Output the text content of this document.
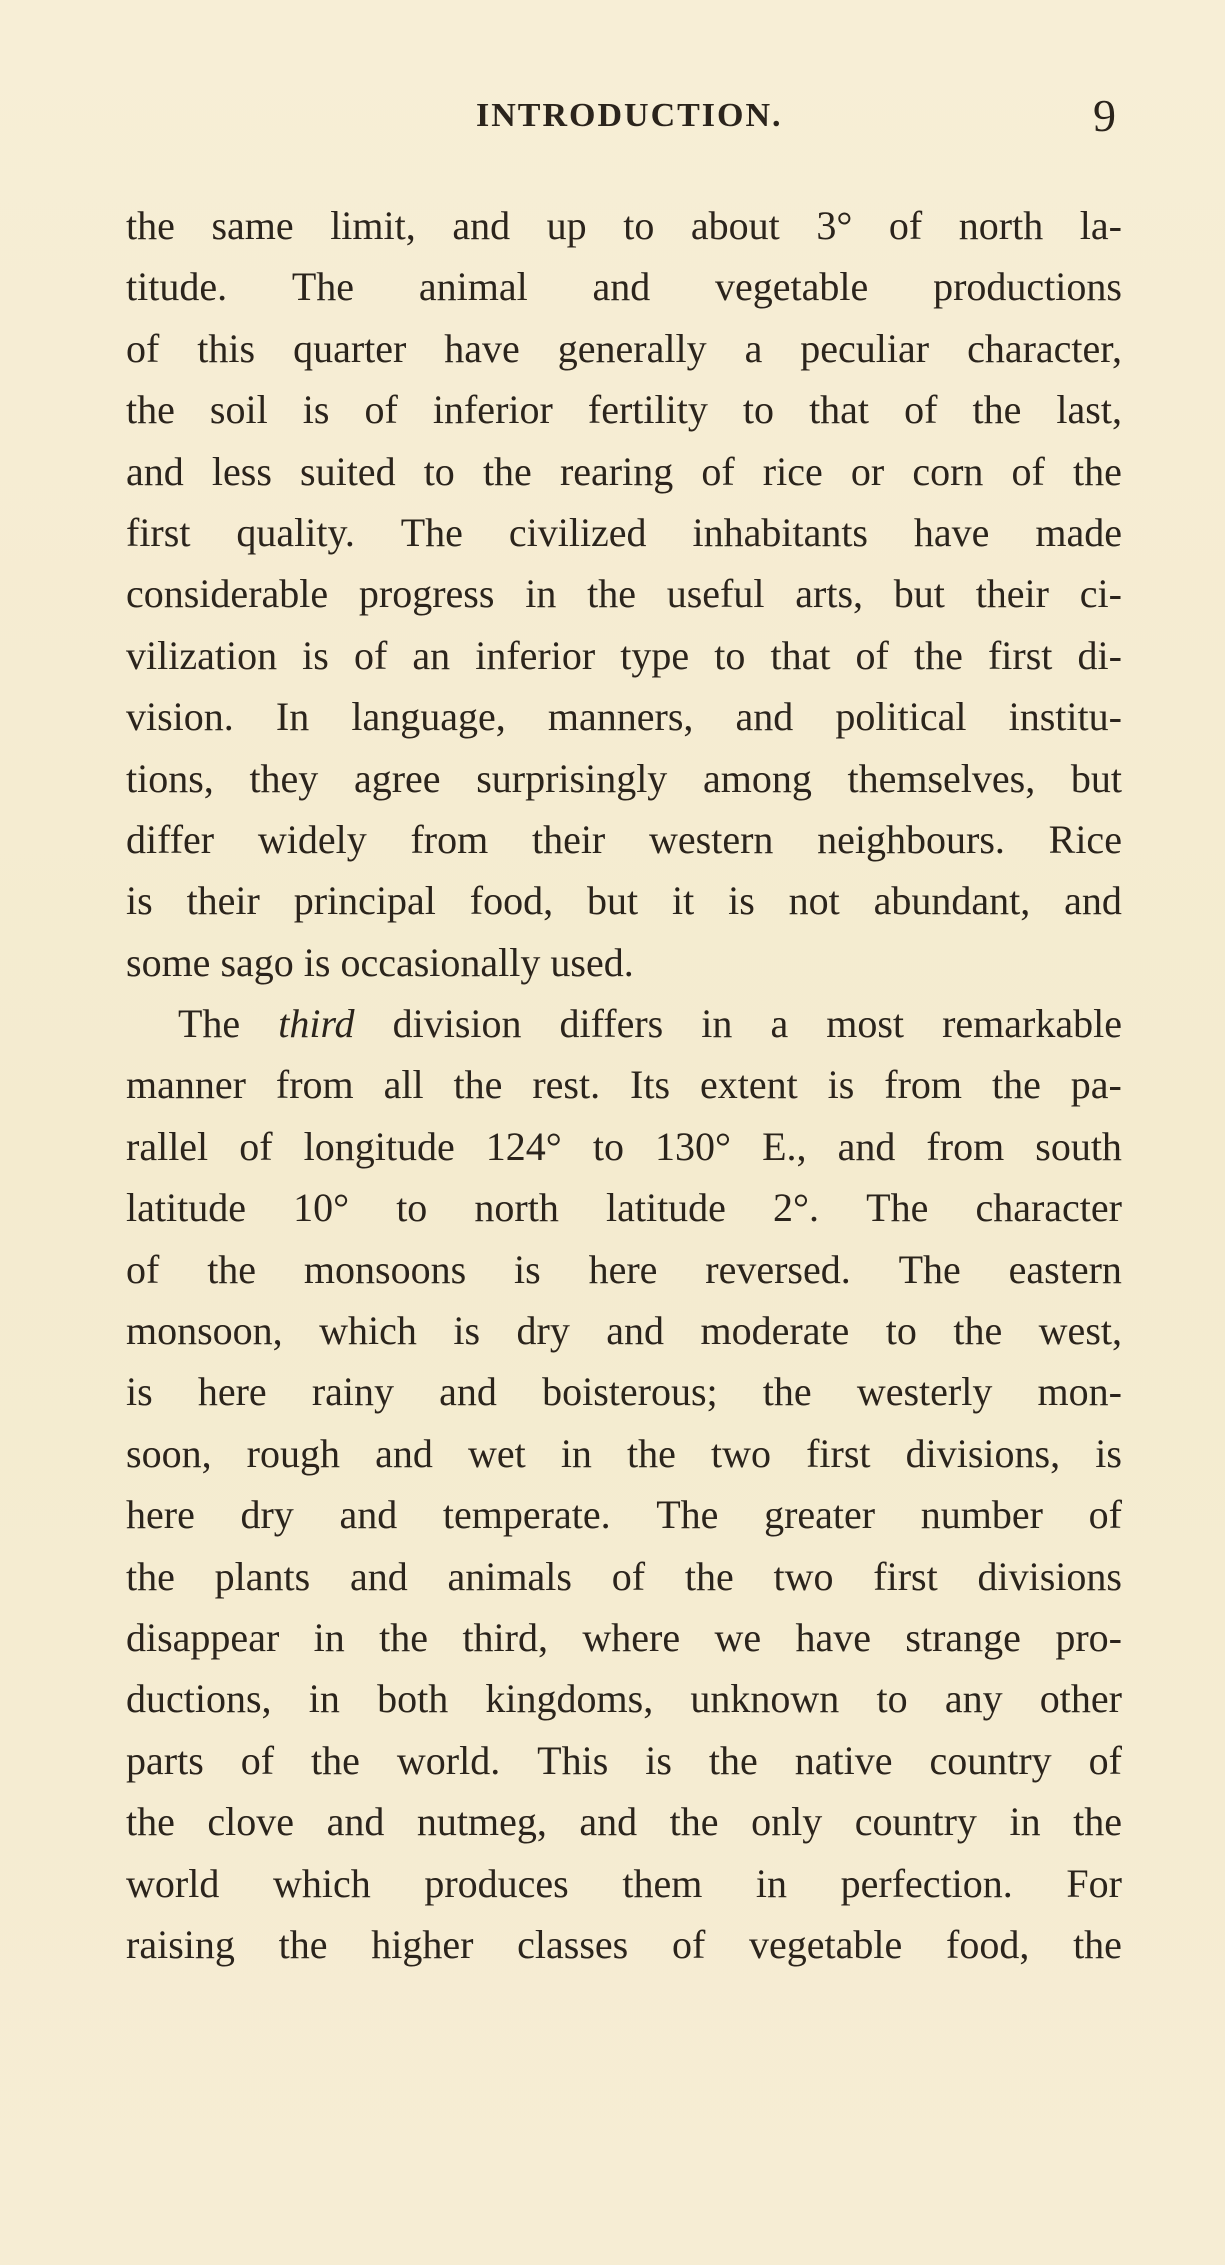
INTRODUCTION.	9
the same limit, and up to about 3° of north la-
titude. The animal and vegetable productions
of this quarter have generally a peculiar character,
the soil is of inferior fertility to that of the last,
and less suited to the rearing of rice or corn of the
first quality. The civilized inhabitants have made
considerable progress in the useful arts, but their ci-
vilization is of an inferior type to that of the first di-
vision. In language, manners, and political institu-
tions, they agree surprisingly among themselves, but
differ widely from their western neighbours. Rice
is their principal food, but it is not abundant, and
some
sago
is
occasionally
used.
The third division differs in a most remarkable
manner from all the rest. Its extent is from the pa-
rallel of longitude 124° to 130° E., and from south
latitude 10° to north latitude 2°. The character
of the monsoons is here reversed. The eastern
monsoon, which is dry and moderate to the west,
is here rainy and boisterous; the westerly mon-
soon, rough and wet in the two first divisions, is
here dry and temperate. The greater number of
the plants and animals of the two first divisions
disappear in the third, where we have strange pro-
ductions, in both kingdoms, unknown to any other
parts of the world. This is the native country of
the clove and nutmeg, and the only country in the
world which produces them in perfection. For
raising the higher classes of vegetable food, the
